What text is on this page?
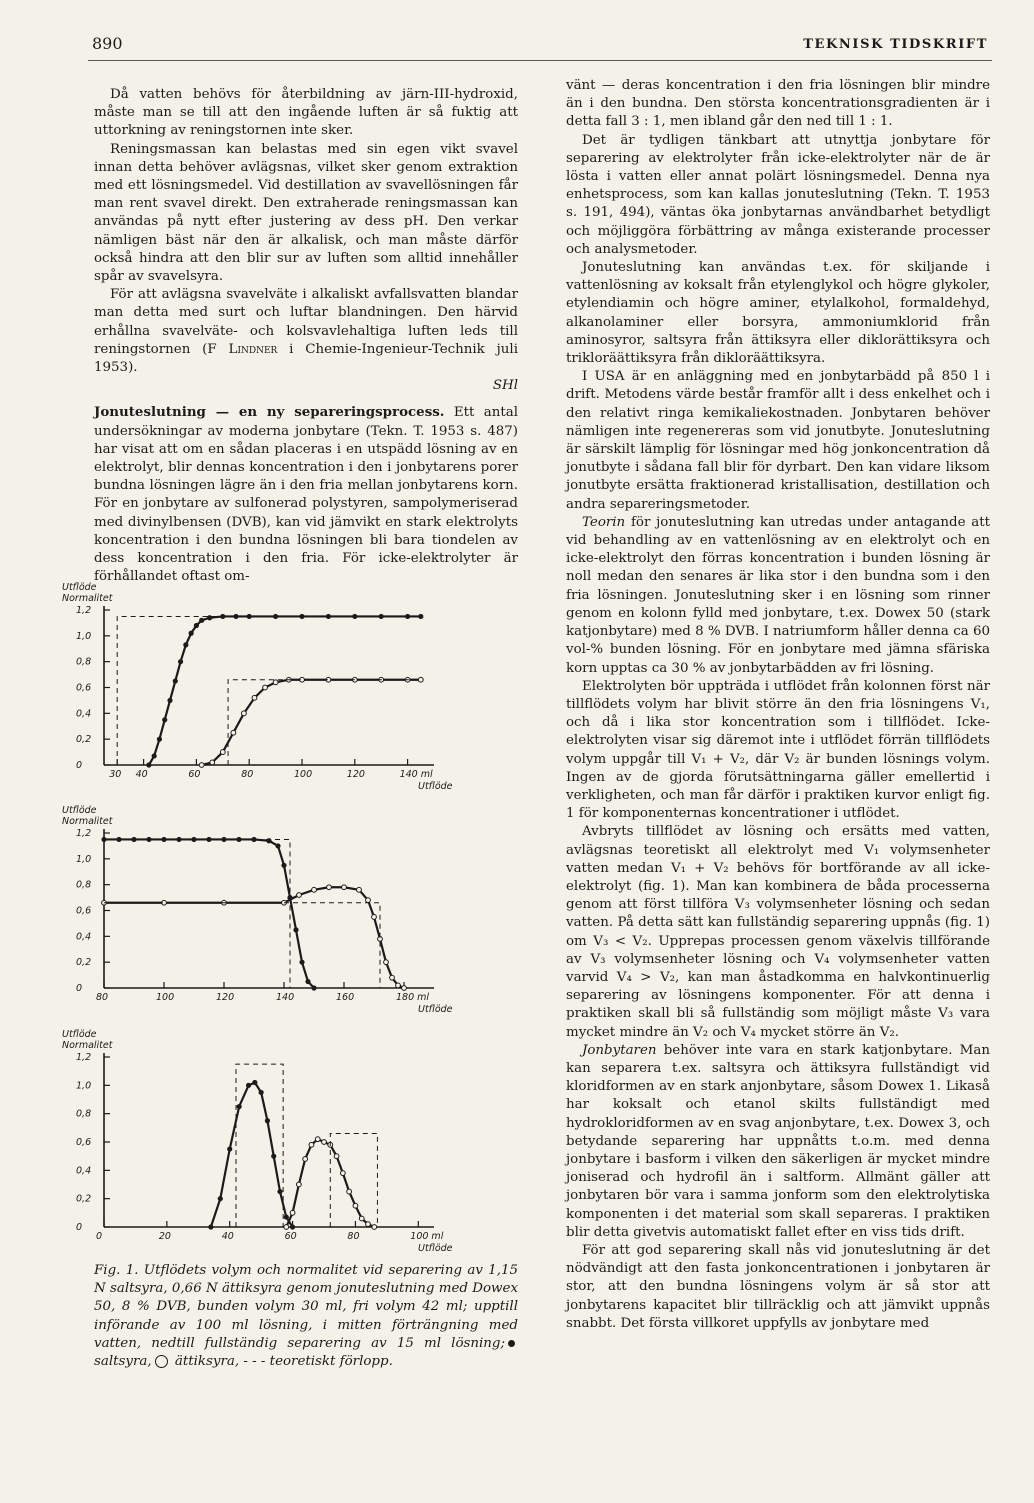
890	TEKNISK TIDSKRIFT

Då vatten behövs för återbildning av järn-III-hydroxid, måste man se till att den ingående luften är så fuktig att uttorkning av reningstornen inte sker.

Reningsmassan kan belastas med sin egen vikt svavel innan detta behöver avlägsnas, vilket sker genom extraktion med ett lösningsmedel. Vid destillation av svavellösningen får man rent svavel direkt. Den extraherade reningsmassan kan användas på nytt efter justering av dess pH. Den verkar nämligen bäst när den är alkalisk, och man måste därför också hindra att den blir sur av luften som alltid innehåller spår av svavelsyra.

För att avlägsna svavelväte i alkaliskt avfallsvatten blandar man detta med surt och luftar blandningen. Den härvid erhållna svavelväte- och kolsvavlehaltiga luften leds till reningstornen (F Lindner i Chemie-Ingenieur-Technik juli 1953).
SHl

Jonuteslutning — en ny separeringsprocess. Ett antal undersökningar av moderna jonbytare (Tekn. T. 1953 s. 487) har visat att om en sådan placeras i en utspädd lösning av en elektrolyt, blir dennas koncentration i den i jonbytarens porer bundna lösningen lägre än i den fria mellan jonbytarens korn. För en jonbytare av sulfonerad polystyren, sampolymeriserad med divinylbensen (DVB), kan vid jämvikt en stark elektrolyts koncentration i den bundna lösningen bli bara tiondelen av dess koncentration i den fria. För icke-elektrolyter är förhållandet oftast om-

Utflöde
Normalitet
0
0,2
0,4
0,6
0,8
1,0
1,2
30 40	60	80	100	120	140 ml
Utflöde
Utflöde
Normalitet
0
0,2
0,4
0,6
0,8
1,0
1,2
80	100	120	140	160	180 ml
Utflöde
Utflöde
Normalitet
0
0,2
0,4
0,6
0,8
1,0
1,2
0	20	40	60	80	100 ml
Utflöde
Fig. 1. Utflödets volym och normalitet vid separering av 1,15 N saltsyra, 0,66 N ättiksyra genom jonuteslutning med Dowex 50, 8 % DVB, bunden volym 30 ml, fri volym 42 ml; upptill införande av 100 ml lösning, i mitten förträngning med vatten, nedtill fullständig separering av 15 ml lösning; saltsyra, ättiksyra, - - - teoretiskt förlopp.

vänt — deras koncentration i den fria lösningen blir mindre än i den bundna. Den största koncentrationsgradienten är i detta fall 3 : 1, men ibland går den ned till 1 : 1.

Det är tydligen tänkbart att utnyttja jonbytare för separering av elektrolyter från icke-elektrolyter när de är lösta i vatten eller annat polärt lösningsmedel. Denna nya enhetsprocess, som kan kallas jonuteslutning (Tekn. T. 1953 s. 191, 494), väntas öka jonbytarnas användbarhet betydligt och möjliggöra förbättring av många existerande processer och analysmetoder.

Jonuteslutning kan användas t.ex. för skiljande i vattenlösning av koksalt från etylenglykol och högre glykoler, etylendiamin och högre aminer, etylalkohol, formaldehyd, alkanolaminer eller borsyra, ammoniumklorid från aminosyror, saltsyra från ättiksyra eller diklorättiksyra och trikloräättiksyra från dikloräättiksyra.

I USA är en anläggning med en jonbytarbädd på 850 l i drift. Metodens värde består framför allt i dess enkelhet och i den relativt ringa kemikaliekostnaden. Jonbytaren behöver nämligen inte regenereras som vid jonutbyte. Jonuteslutning är särskilt lämplig för lösningar med hög jonkoncentration då jonutbyte i sådana fall blir för dyrbart. Den kan vidare liksom jonutbyte ersätta fraktionerad kristallisation, destillation och andra separeringsmetoder.

Teorin för jonuteslutning kan utredas under antagande att vid behandling av en vattenlösning av en elektrolyt och en icke-elektrolyt den förras koncentration i bunden lösning är noll medan den senares är lika stor i den bundna som i den fria lösningen. Jonuteslutning sker i en lösning som rinner genom en kolonn fylld med jonbytare, t.ex. Dowex 50 (stark katjonbytare) med 8 % DVB. I natriumform håller denna ca 60 vol-% bunden lösning. För en jonbytare med jämna sfäriska korn upptas ca 30 % av jonbytarbädden av fri lösning.

Elektrolyten bör uppträda i utflödet från kolonnen först när tillflödets volym har blivit större än den fria lösningens V₁, och då i lika stor koncentration som i tillflödet. Icke-elektrolyten visar sig däremot inte i utflödet förrän tillflödets volym uppgår till V₁ + V₂, där V₂ är bunden lösnings volym. Ingen av de gjorda förutsättningarna gäller emellertid i verkligheten, och man får därför i praktiken kurvor enligt fig. 1 för komponenternas koncentrationer i utflödet.

Avbryts tillflödet av lösning och ersätts med vatten, avlägsnas teoretiskt all elektrolyt med V₁ volymsenheter vatten medan V₁ + V₂ behövs för bortförande av all icke-elektrolyt (fig. 1). Man kan kombinera de båda processerna genom att först tillföra V₃ volymsenheter lösning och sedan vatten. På detta sätt kan fullständig separering uppnås (fig. 1) om V₃ < V₂. Upprepas processen genom växelvis tillförande av V₃ volymsenheter lösning och V₄ volymsenheter vatten varvid V₄ > V₂, kan man åstadkomma en halvkontinuerlig separering av lösningens komponenter. För att denna i praktiken skall bli så fullständig som möjligt måste V₃ vara mycket mindre än V₂ och V₄ mycket större än V₂.

Jonbytaren behöver inte vara en stark katjonbytare. Man kan separera t.ex. saltsyra och ättiksyra fullständigt vid kloridformen av en stark anjonbytare, såsom Dowex 1. Likaså har koksalt och etanol skilts fullständigt med hydrokloridformen av en svag anjonbytare, t.ex. Dowex 3, och betydande separering har uppnåtts t.o.m. med denna jonbytare i basform i vilken den säkerligen är mycket mindre joniserad och hydrofil än i saltform. Allmänt gäller att jonbytaren bör vara i samma jonform som den elektrolytiska komponenten i det material som skall separeras. I praktiken blir detta givetvis automatiskt fallet efter en viss tids drift.

För att god separering skall nås vid jonuteslutning är det nödvändigt att den fasta jonkoncentrationen i jonbytaren är stor, att den bundna lösningens volym är så stor att jonbytarens kapacitet blir tillräcklig och att jämvikt uppnås snabbt. Det första villkoret uppfylls av jonbytare med
